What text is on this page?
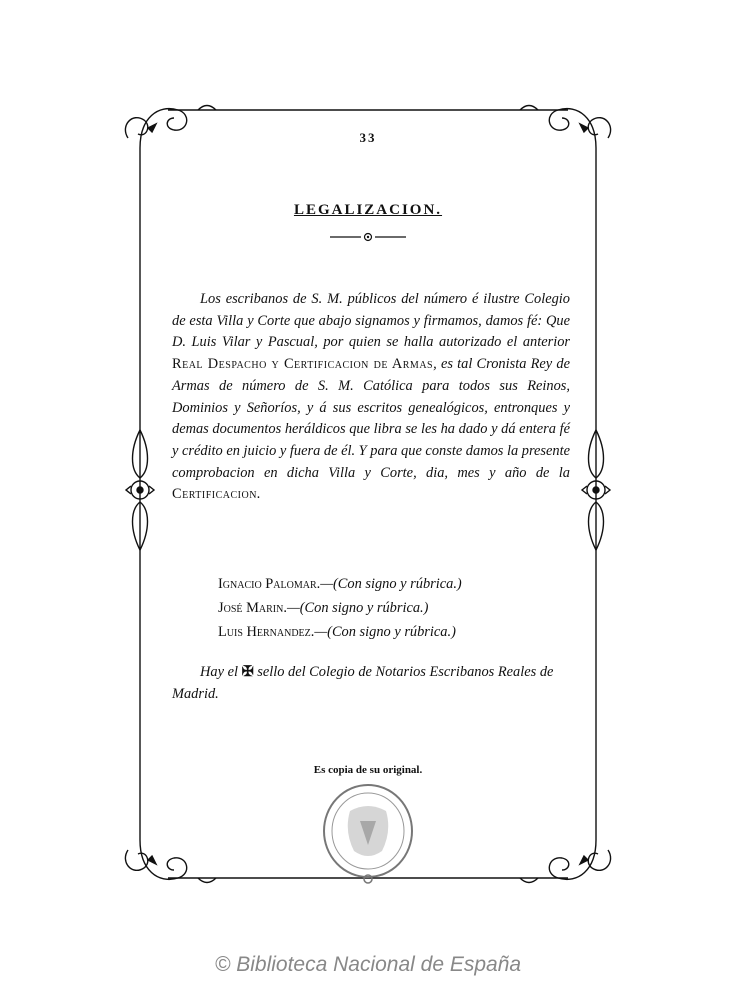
33
LEGALIZACION.
Los escribanos de S. M. públicos del número é ilustre Colegio de esta Villa y Corte que abajo signamos y firmamos, damos fé: Que D. Luis Vilar y Pascual, por quien se halla autorizado el anterior Real Despacho y Certificacion de Armas, es tal Cronista Rey de Armas de número de S. M. Católica para todos sus Reinos, Dominios y Señoríos, y á sus escritos genealógicos, entronques y demas documentos heráldicos que libra se les ha dado y dá entera fé y crédito en juicio y fuera de él. Y para que conste damos la presente comprobacion en dicha Villa y Corte, dia, mes y año de la Certificacion.
Ignacio Palomar.—(Con signo y rúbrica.)
José Marin.—(Con signo y rúbrica.)
Luis Hernandez.—(Con signo y rúbrica.)
Hay el ✠ sello del Colegio de Notarios Escribanos Reales de Madrid.
Es copia de su original.
© Biblioteca Nacional de España
